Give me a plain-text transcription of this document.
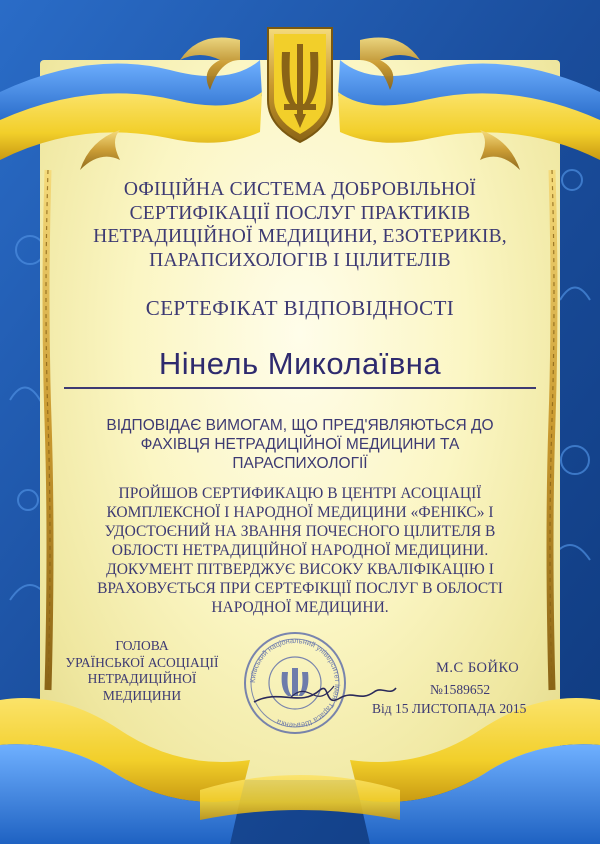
ОФІЦІЙНА СИСТЕМА ДОБРОВІЛЬНОЇ
СЕРТИФІКАЦІЇ ПОСЛУГ ПРАКТИКІВ
НЕТРАДИЦІЙНОЇ МЕДИЦИНИ, ЕЗОТЕРИКІВ,
ПАРАПСИХОЛОГІВ І ЦІЛИТЕЛІВ
СЕРТЕФІКАТ ВІДПОВІДНОСТІ
Нінель Миколаївна
ВІДПОВІДАЄ ВИМОГАМ, ЩО ПРЕД'ЯВЛЯЮТЬСЯ ДО
ФАХІВЦЯ НЕТРАДИЦІЙНОЇ МЕДИЦИНИ ТА
ПАРАСПИХОЛОГІЇ
ПРОЙШОВ СЕРТИФИКАЦЮ В ЦЕНТРІ АСОЦІАЦІЇ
КОМПЛЕКСНОЇ І НАРОДНОЇ МЕДИЦИНИ «ФЕНІКС» І
УДОСТОЄНИЙ НА ЗВАННЯ ПОЧЕСНОГО ЦІЛИТЕЛЯ В
ОБЛОСТІ НЕТРАДИЦІЙНОЇ НАРОДНОЇ МЕДИЦИНИ.
ДОКУМЕНТ ПІТВЕРДЖУЄ ВИСОКУ КВАЛІФІКАЦІЮ І
ВРАХОВУЄТЬСЯ ПРИ СЕРТЕФІКЦІЇ ПОСЛУГ В ОБЛОСТІ
НАРОДНОЇ МЕДИЦИНИ.
ГОЛОВА
УРАЇНСЬКОЇ АСОЦІАЦІЇ
НЕТРАДИЦІЙНОЇ
МЕДИЦИНИ
Київський національний університет імені Тараса Шевченка
М.С БОЙКО
№1589652
Від 15 ЛИСТОПАДА 2015
